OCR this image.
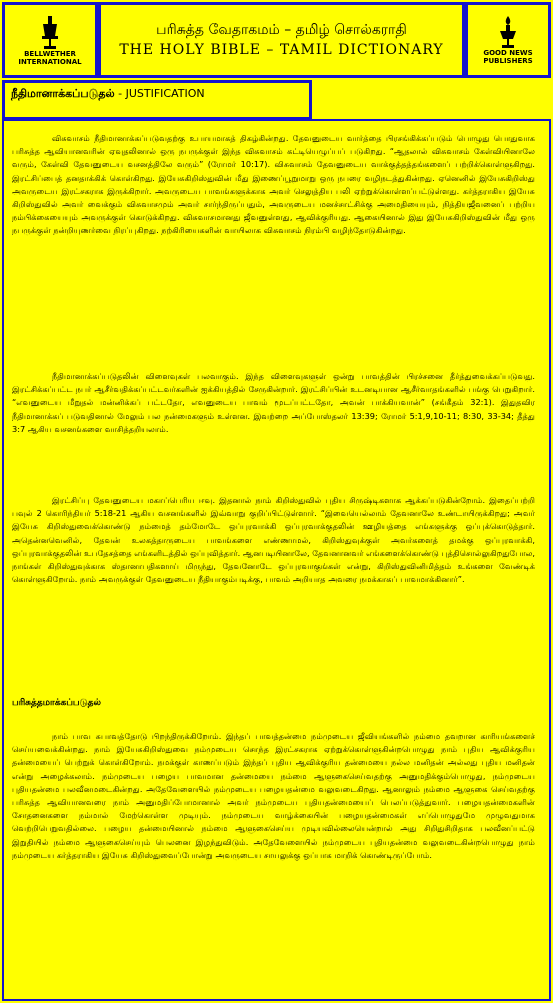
BELLWETHER
INTERNATIONAL
பரிசுத்த வேதாகமம் – தமிழ் சொல்கராதி
THE HOLY BIBLE – TAMIL DICTIONARY	GOOD NEWS
PUBLISHERS
நீதிமானாக்கப்படுதல் - JUSTIFICATION

விசுவாசம் நீதிமானாக்கப்படுவதற்கு உபாயமாகத் திகழ்கின்றது. தேவனுடைய வார்த்தை பிரசங்கிக்கப்படும் பொழுது பொதுவாக பரிசுத்த ஆவியானவரின் ஏவுதலினால் ஒரு நபருக்குள் இந்த விசுவாசம் கட்டியெழுப்பப் படுகிறது. “ஆதலால் விசுவாசம் கேள்வியினாலே வரும், கேள்வி தேவனுடைய வசனத்திலே வரும்” (ரோமர் 10:17). விசுவாசம் தேவனுடைய வாக்குத்தத்தங்களைப் பற்றிக்கொள்ளுகிறது. இரட்சிப்பைத் தனதாக்கிக் கொள்கிறது. இயேசுகிறிஸ்துவின் மீது இணைப்பூறுமாறு ஒரு நபரை வழிநடத்துகின்றது. ஏனெனில் இயேசுகிறிஸ்து அவருடைய இரட்சகராக இருக்கிறார். அவருடைய பாவங்களுக்காக அவர் செலுத்திய பலி ஏற்றுக்கொள்ளப்பட்டுள்ளது. கர்த்தராகிய இயேசு கிறிஸ்துவில் அவர் வைக்கும் விசுவாசமும் அவர் சார்ந்திருப்பதும், அவருடைய மனச்சாட்சிக்கு அமைதியையும், நித்தியஜீவனைப் பற்றிய நம்பிக்கையையும் அவருக்குள் கொடுக்கிறது. விசுவாசமானது ஜீவனுள்ளது, ஆவிக்குரியது. ஆகையினால் இது இயேசுகிறிஸ்துவின் மீது ஒரு நபருக்குள் நன்றியுணர்வை நிரப்புகிறது. நற்கிரியைகளின் வாயிலாக விசுவாசம் நிரம்பி வழிந்தோடுகின்றது.

நீதிமானாக்கப்படுதலின் விளைவுகள் பலவாகும். இந்த விளைவுகளுள் ஒன்று பாவத்தின் பிரச்சனை தீர்த்துவைக்கப்படுவது. இரட்சிக்கப்பட்ட நபர் ஆசீர்வதிக்கப்பட்டவர்களின் ஐக்கியத்தில் சேருகின்றார். இரட்சிப்பின் உடனடியான ஆசீர்வாதங்களில் பங்கு பெறுகிறார். “எவனுடைய மீறுதல் மன்னிக்கப் பட்டதோ, எவனுடைய பாவம் மூடப்பட்டதோ, அவன் பாக்கியவான்” (சங்கீதம் 32:1). இதுதவிர நீதிமானாக்கப் படுவதினால் மேலும் பல நன்மைகளும் உள்ளன. இவற்றை அப்போஸ்தலர் 13:39; ரோமர் 5:1,9,10-11; 8:30, 33-34; தீத்து 3:7 ஆகிய வசனங்களை வாசித்தறியலாம்.

இரட்சிப்பு தேவனுடைய மகாப்பெரிய ஈவு. இதனால் நாம் கிறிஸ்துவில் புதிய சிருஷ்டிகளாக ஆக்கப்படுகின்றோம். இதைப்பற்றி பவுல் 2 கொரிந்தியர் 5:18-21 ஆகிய வசனங்களில் இவ்வாறு குறிப்பிட்டுள்ளார். “இவையெல்லாம் தேவனாலே உண்டாயிருக்கிறது; அவர் இயேசு கிறிஸ்துவைக்கொண்டு நம்மைத் தம்மோடே ஒப்புரவாக்கி ஒப்புரவாக்குதலின் ஊழியத்தை எங்களுக்கு ஒப்புக்கொடுத்தார். அதென்னவெனில், தேவன் உலகத்தாருடைய பாவங்களை எண்ணாமல், கிறிஸ்துவுக்குள் அவர்களைத் தமக்கு ஒப்புரவாக்கி, ஒப்புரவாக்குதலின் உபதேசத்தை எங்களிடத்தில் ஒப்புவித்தார். ஆனபடியினாலே, தேவனானவர் எங்களைக்கொண்டு புத்திசொல்லுகிறதுபோல, நாங்கள் கிறிஸ்துவுக்காக ஸ்தானாபதிகளாய் மிருந்து, தேவனோடே ஒப்புரவாகுங்கள் என்று, கிறிஸ்துவினிமித்தம் உங்களை வேண்டிக் கொள்ளுகிறோம். நாம் அவருக்குள் தேவனுடைய நீதியாகும்படிக்கு, பாவம் அறியாத அவரை நமக்காகப் பாவமாக்கினார்”.

பரிசுத்தமாக்கப்படுதல்

நாம் பாவ சுபாவத்தோடு பிறந்திருக்கிறோம். இந்தப் பாவத்தன்மை நம்முடைய ஜீவியங்களில் நம்மை தவறான காரியங்களைச் செய்யவைக்கின்றது. நாம் இயேசுகிறிஸ்துவை நம்முடைய சொந்த இரட்சகராக ஏற்றுக்கொள்ளுகின்றபொழுது நாம் புதிய ஆவிக்குரிய தன்மையைப் பெற்றுக் கொள்கிறோம். நமக்குள் காணப்படும் இந்தப் புதிய ஆவிக்குரிய தன்மையை நல்ல மனிதன் அல்லது புதிய மனிதன் என்று அழைக்கலாம். நம்முடைய பழைய பாவமான தன்மையை நம்மை ஆளுகைசெய்வதற்கு அனுமதிக்கும்பொழுது, நம்முடைய புதியதன்மை பலவீனமடைகின்றது. அதேவேளையில் நம்முடைய பழையதன்மை வலுவடைகிறது. ஆனாலும் நம்மை ஆளுகை செய்வதற்கு பரிசுத்த ஆவியானவரை நாம் அனுமதிப்போமானால் அவர் நம்முடைய புதியதன்மையைப் பெலப்படுத்துவார். பழையதன்மைகளின் சோதனைகளை நம்மால் மேற்கொள்ள முடியும். நம்முடைய வாழ்க்கையின் பழையதன்மைகள் எப்பொழுதுமே முழுவதுமாக வெற்றிபெறுவதில்லை. பழைய தன்மையினால் நம்மை ஆளுகைசெய்ய முடியவில்லையென்றால் அது சிறிதுசிறிதாக பலவீனப்பட்டு இறுதியில் நம்மை ஆளுகைசெய்யும் பெலனை இழந்துவிடும். அதேவேளையில் நம்முடைய புதியதன்மை வலுவடைகின்றபொழுது நாம் நம்முடைய கர்த்தராகிய இயேசு கிறிஸ்துவைப்போன்று அவருடைய சாயலுக்கு ஒப்பாக மாறிக் கொண்டிருப்போம்.
